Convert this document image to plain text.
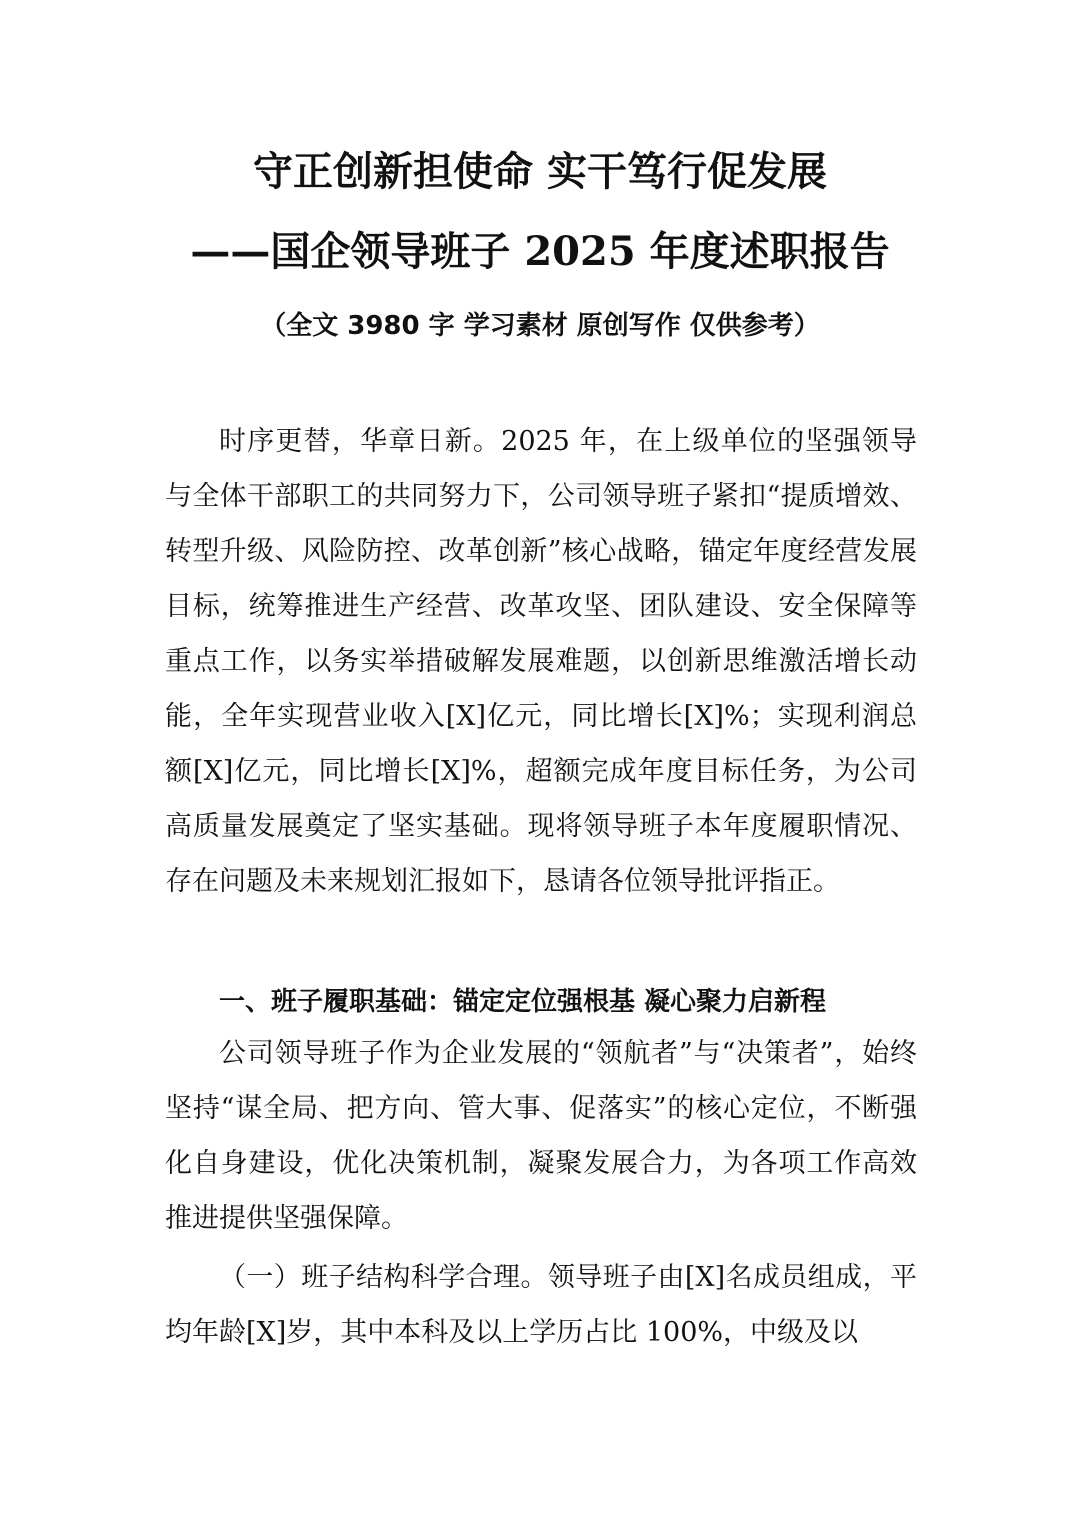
守正创新担使命 实干笃行促发展
——国企领导班子 2025 年度述职报告

（全文 3980 字 学习素材 原创写作 仅供参考）

时序更替，华章日新。2025 年，在上级单位的坚强领导与全体干部职工的共同努力下，公司领导班子紧扣“提质增效、转型升级、风险防控、改革创新”核心战略，锚定年度经营发展目标，统筹推进生产经营、改革攻坚、团队建设、安全保障等重点工作，以务实举措破解发展难题，以创新思维激活增长动能，全年实现营业收入[X]亿元，同比增长[X]%；实现利润总额[X]亿元，同比增长[X]%，超额完成年度目标任务，为公司高质量发展奠定了坚实基础。现将领导班子本年度履职情况、存在问题及未来规划汇报如下，恳请各位领导批评指正。

一、班子履职基础：锚定定位强根基 凝心聚力启新程

公司领导班子作为企业发展的“领航者”与“决策者”，始终坚持“谋全局、把方向、管大事、促落实”的核心定位，不断强化自身建设，优化决策机制，凝聚发展合力，为各项工作高效推进提供坚强保障。

（一）班子结构科学合理。领导班子由[X]名成员组成，平均年龄[X]岁，其中本科及以上学历占比 100%，中级及以
